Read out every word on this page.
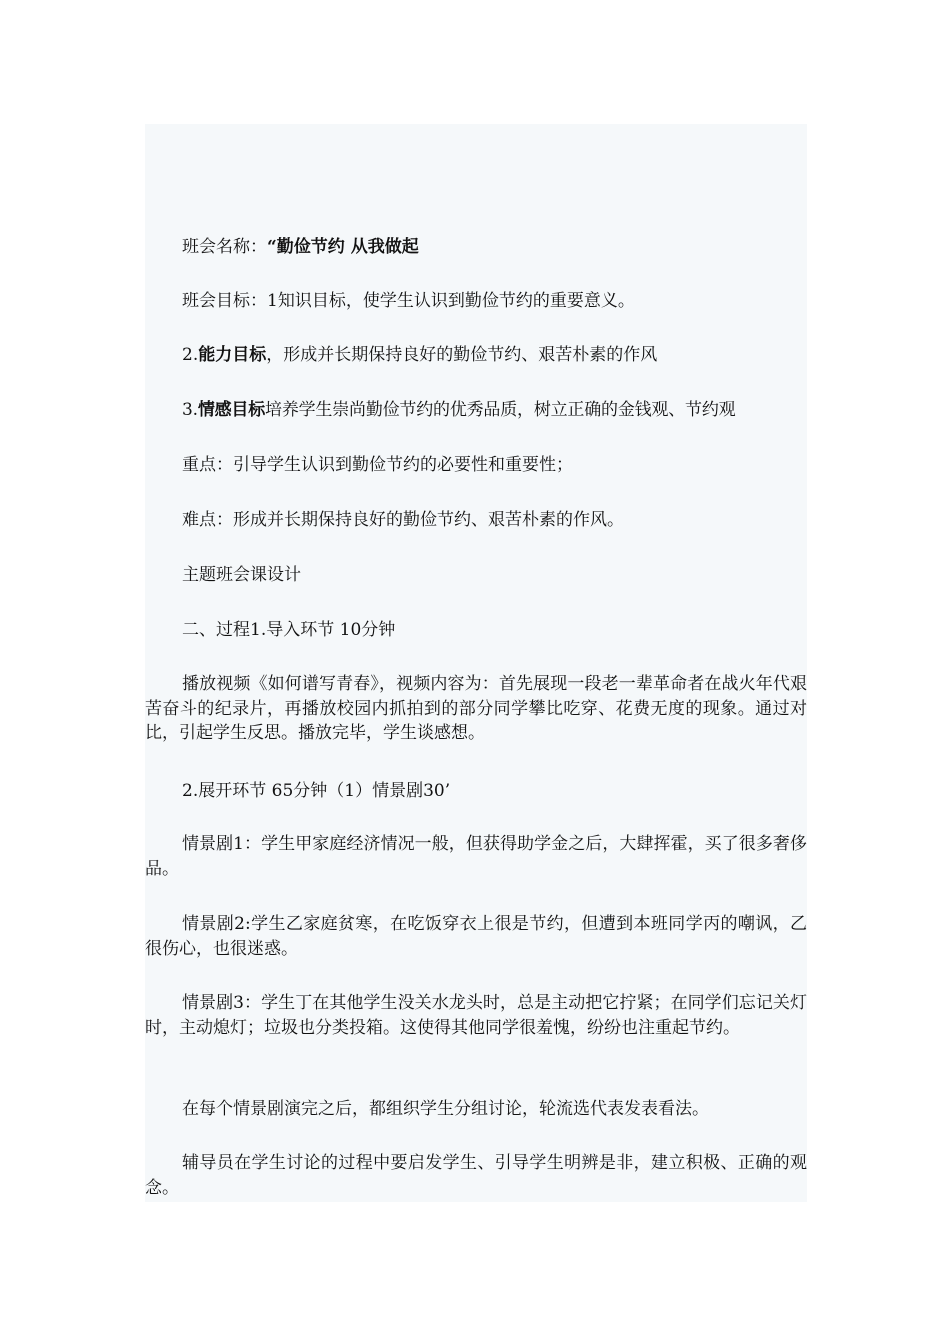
班会名称：“勤俭节约 从我做起

班会目标：1知识目标，使学生认识到勤俭节约的重要意义。

2.能力目标，形成并长期保持良好的勤俭节约、艰苦朴素的作风

3.情感目标培养学生崇尚勤俭节约的优秀品质，树立正确的金钱观、节约观

重点：引导学生认识到勤俭节约的必要性和重要性；

难点：形成并长期保持良好的勤俭节约、艰苦朴素的作风。

主题班会课设计

二、过程1.导入环节 10分钟

播放视频《如何谱写青春》，视频内容为：首先展现一段老一辈革命者在战火年代艰苦奋斗的纪录片，再播放校园内抓拍到的部分同学攀比吃穿、花费无度的现象。通过对比，引起学生反思。播放完毕，学生谈感想。

2.展开环节 65分钟（1）情景剧30’

情景剧1：学生甲家庭经济情况一般，但获得助学金之后，大肆挥霍，买了很多奢侈品。

情景剧2:学生乙家庭贫寒，在吃饭穿衣上很是节约，但遭到本班同学丙的嘲讽，乙很伤心，也很迷惑。

情景剧3：学生丁在其他学生没关水龙头时，总是主动把它拧紧；在同学们忘记关灯时，主动熄灯；垃圾也分类投箱。这使得其他同学很羞愧，纷纷也注重起节约。

在每个情景剧演完之后，都组织学生分组讨论，轮流选代表发表看法。

辅导员在学生讨论的过程中要启发学生、引导学生明辨是非，建立积极、正确的观念。
